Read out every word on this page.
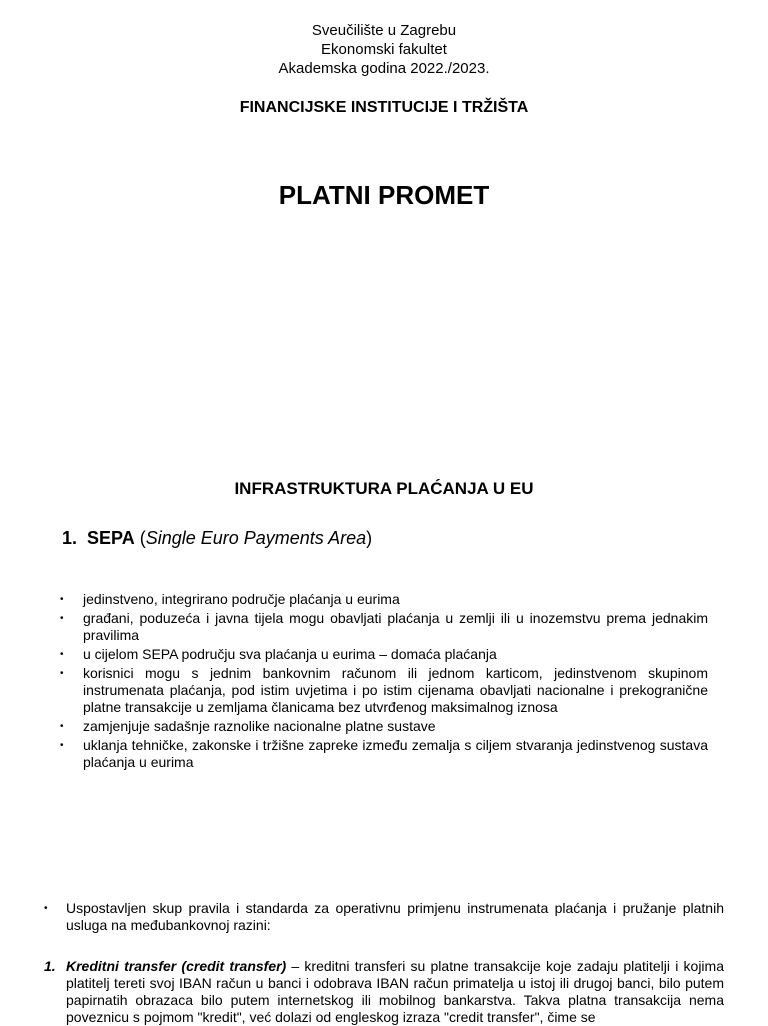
Sveučilište u Zagrebu
Ekonomski fakultet
Akademska godina 2022./2023.
FINANCIJSKE INSTITUCIJE I TRŽIŠTA
PLATNI PROMET
INFRASTRUKTURA PLAĆANJA U EU
1. SEPA (Single Euro Payments Area)
• jedinstveno, integrirano područje plaćanja u eurima
• građani, poduzeća i javna tijela mogu obavljati plaćanja u zemlji ili u inozemstvu prema jednakim pravilima
• u cijelom SEPA području sva plaćanja u eurima – domaća plaćanja
• korisnici mogu s jednim bankovnim računom ili jednom karticom, jedinstvenom skupinom instrumenata plaćanja, pod istim uvjetima i po istim cijenama obavljati nacionalne i prekogranične platne transakcije u zemljama članicama bez utvrđenog maksimalnog iznosa
• zamjenjuje sadašnje raznolike nacionalne platne sustave
• uklanja tehničke, zakonske i tržišne zapreke između zemalja s ciljem stvaranja jedinstvenog sustava plaćanja u eurima
• Uspostavljen skup pravila i standarda za operativnu primjenu instrumenata plaćanja i pružanje platnih usluga na međubankovnoj razini:
1. Kreditni transfer (credit transfer) – kreditni transferi su platne transakcije koje zadaju platitelji i kojima platitelj tereti svoj IBAN račun u banci i odobrava IBAN račun primatelja u istoj ili drugoj banci, bilo putem papirnatih obrazaca bilo putem internetskog ili mobilnog bankarstva. Takva platna transakcija nema poveznicu s pojmom "kredit", već dolazi od engleskog izraza "credit transfer", čime se
